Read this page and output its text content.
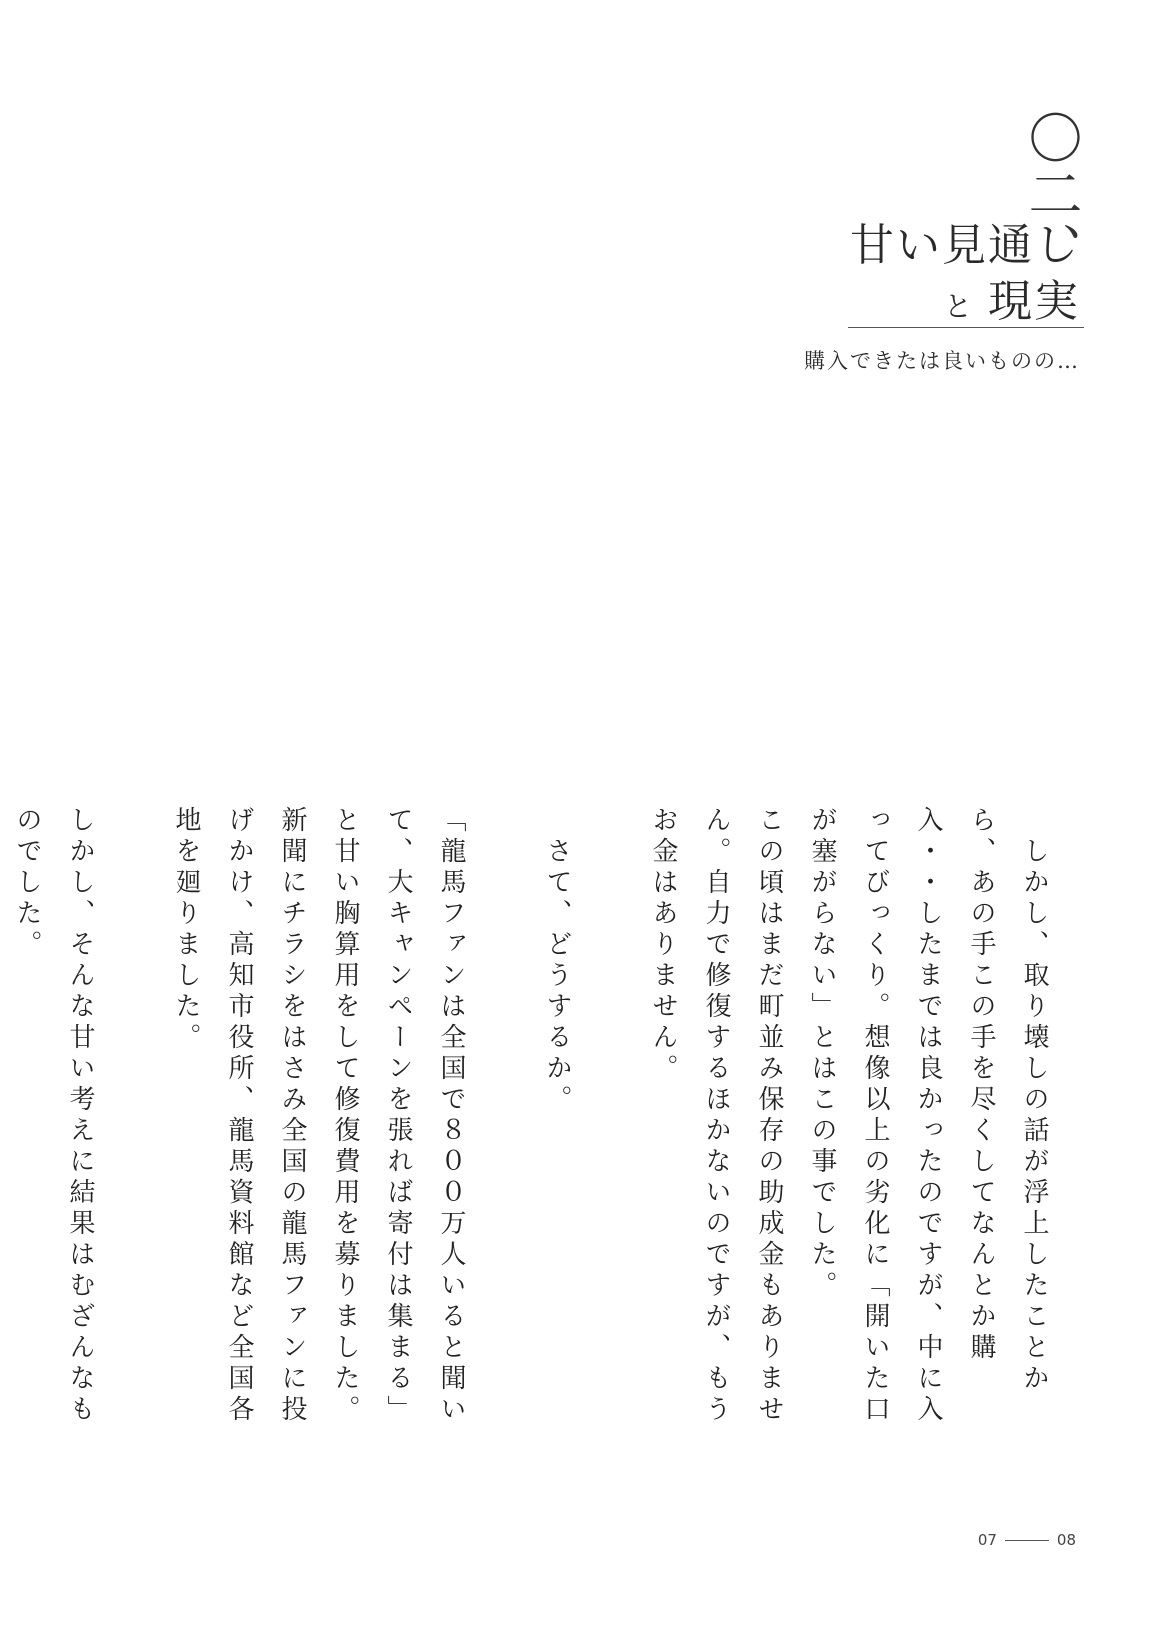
〇二、
甘い見通し
と 現実

購入できたは良いものの…

　しかし、取り壊しの話が浮上したことから、あの手この手を尽くしてなんとか購入・・したまでは良かったのですが、中に入ってびっくり。想像以上の劣化に「開いた口が塞がらない」とはこの事でした。

この頃はまだ町並み保存の助成金もありません。自力で修復するほかないのですが、もうお金はありません。

　さて、どうするか。

「龍馬ファンは全国で８００万人いると聞いて、大キャンペーンを張れば寄付は集まる」と甘い胸算用をして修復費用を募りました。新聞にチラシをはさみ全国の龍馬ファンに投げかけ、高知市役所、龍馬資料館など全国各地を廻りました。

しかし、そんな甘い考えに結果はむざんなものでした。

07	08
